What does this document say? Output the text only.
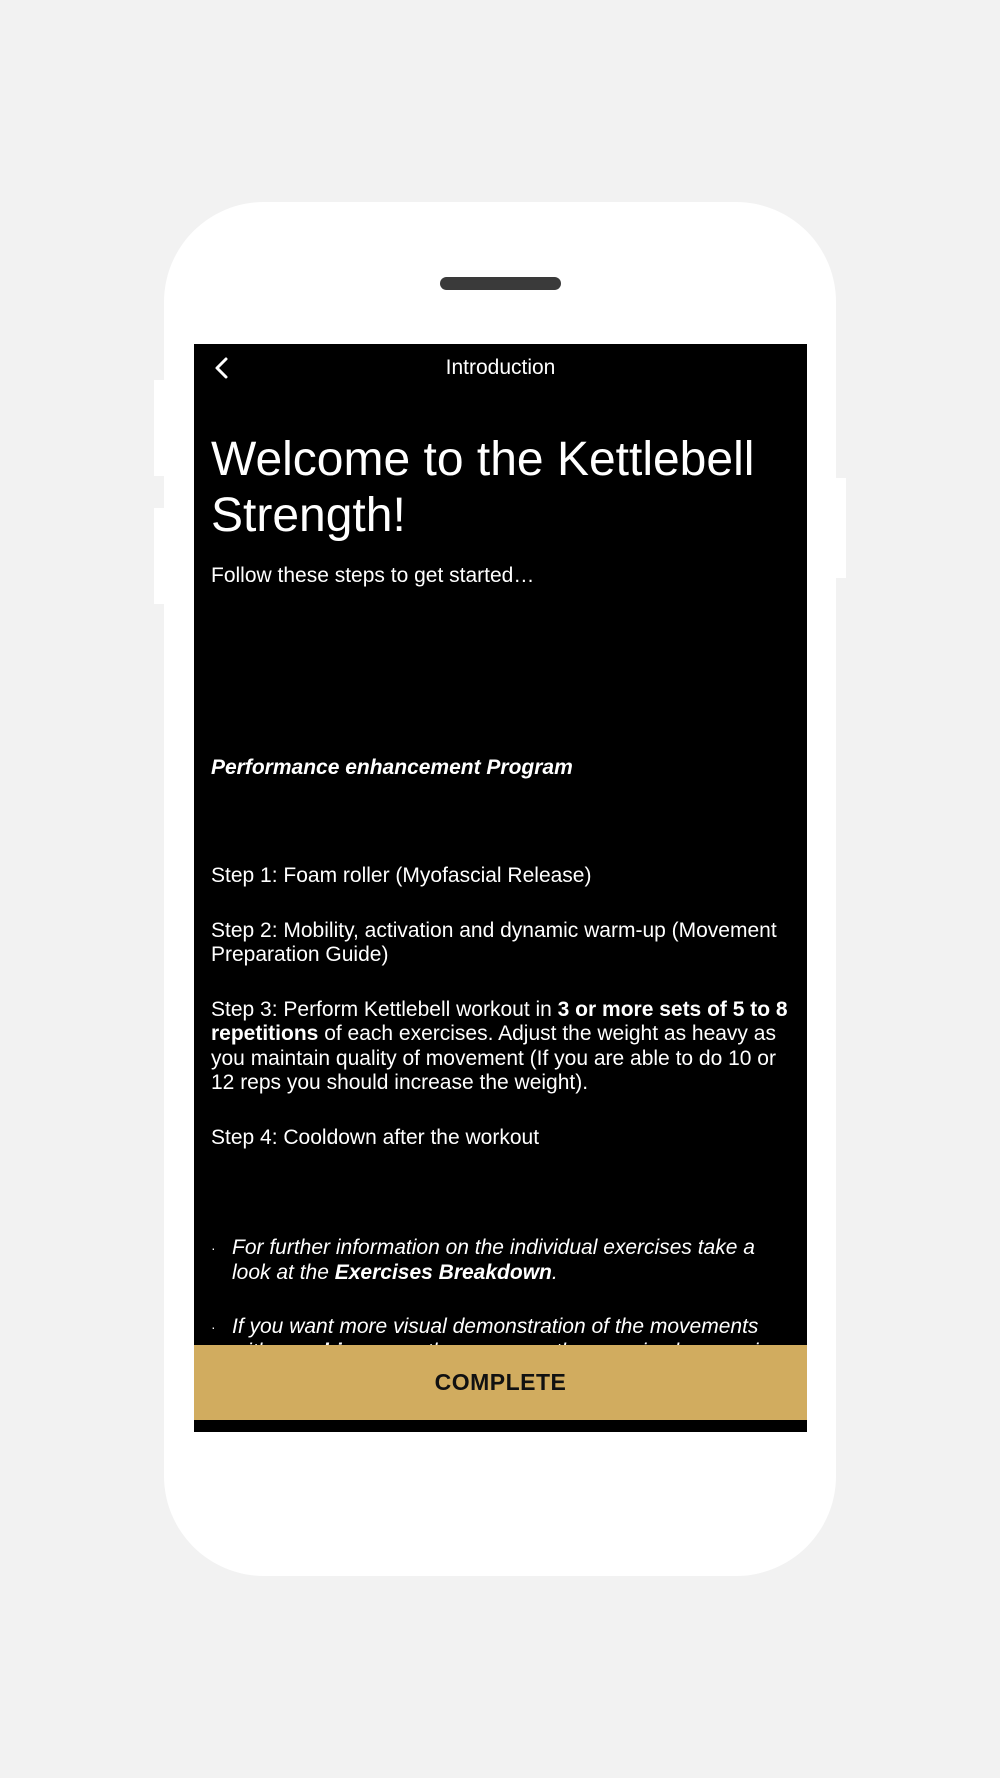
Introduction
Welcome to the Kettlebell Strength!

Follow these steps to get started…

Performance enhancement Program

Step 1: Foam roller (Myofascial Release)

Step 2: Mobility, activation and dynamic warm-up (Movement Preparation Guide)

Step 3: Perform Kettlebell workout in 3 or more sets of 5 to 8 repetitions of each exercises. Adjust the weight as heavy as you maintain quality of movement (If you are able to do 10 or 12 reps you should increase the weight).

Step 4: Cooldown after the workout

· For further information on the individual exercises take a look at the Exercises Breakdown.
· If you want more visual demonstration of the movements
COMPLETE
